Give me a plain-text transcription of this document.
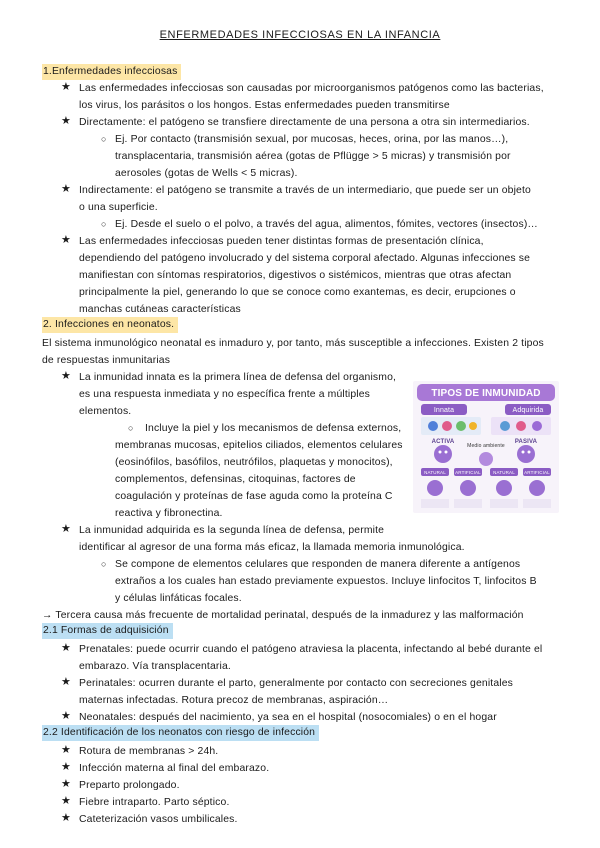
ENFERMEDADES INFECCIOSAS EN LA INFANCIA
1.Enfermedades infecciosas
★ Las enfermedades infecciosas son causadas por microorganismos patógenos como las bacterias,
los virus, los parásitos o los hongos. Estas enfermedades pueden transmitirse
★ Directamente: el patógeno se transfiere directamente de una persona a otra sin intermediarios.
○ Ej. Por contacto (transmisión sexual, por mucosas, heces, orina, por las manos…),
transplacentaria, transmisión aérea (gotas de Pflügge > 5 micras) y transmisión por
aerosoles (gotas de Wells < 5 micras).
★ Indirectamente: el patógeno se transmite a través de un intermediario, que puede ser un objeto
o una superficie.
○ Ej. Desde el suelo o el polvo, a través del agua, alimentos, fómites, vectores (insectos)…
★ Las enfermedades infecciosas pueden tener distintas formas de presentación clínica,
dependiendo del patógeno involucrado y del sistema corporal afectado. Algunas infecciones se
manifiestan con síntomas respiratorios, digestivos o sistémicos, mientras que otras afectan
principalmente la piel, generando lo que se conoce como exantemas, es decir, erupciones o
manchas cutáneas características
2. Infecciones en neonatos.
El sistema inmunológico neonatal es inmaduro y, por tanto, más susceptible a infecciones. Existen 2 tipos
de respuestas inmunitarias
★ La inmunidad innata es la primera línea de defensa del organismo,
es una respuesta inmediata y no específica frente a múltiples
elementos.
○ Incluye la piel y los mecanismos de defensa externos,
membranas mucosas, epitelios ciliados, elementos celulares
(eosinófilos, basófilos, neutrófilos, plaquetas y monocitos),
complementos, defensinas, citoquinas, factores de
coagulación y proteínas de fase aguda como la proteína C
reactiva y fibronectina.
TIPOS DE INMUNIDAD
Innata	Adquirida
ACTIVA	PASIVA
Medio ambiente
NATURAL ARTIFICIAL	NATURAL ARTIFICIAL
★ La inmunidad adquirida es la segunda línea de defensa, permite
identificar al agresor de una forma más eficaz, la llamada memoria inmunológica.
○ Se compone de elementos celulares que responden de manera diferente a antígenos
extraños a los cuales han estado previamente expuestos. Incluye linfocitos T, linfocitos B
y células linfáticas focales.
→ Tercera causa más frecuente de mortalidad perinatal, después de la inmadurez y las malformación
2.1 Formas de adquisición
★ Prenatales: puede ocurrir cuando el patógeno atraviesa la placenta, infectando al bebé durante el
embarazo. Vía transplacentaria.
★ Perinatales: ocurren durante el parto, generalmente por contacto con secreciones genitales
maternas infectadas. Rotura precoz de membranas, aspiración…
★ Neonatales: después del nacimiento, ya sea en el hospital (nosocomiales) o en el hogar
2.2 Identificación de los neonatos con riesgo de infección
★ Rotura de membranas > 24h.
★ Infección materna al final del embarazo.
★ Preparto prolongado.
★ Fiebre intraparto. Parto séptico.
★ Cateterización vasos umbilicales.
